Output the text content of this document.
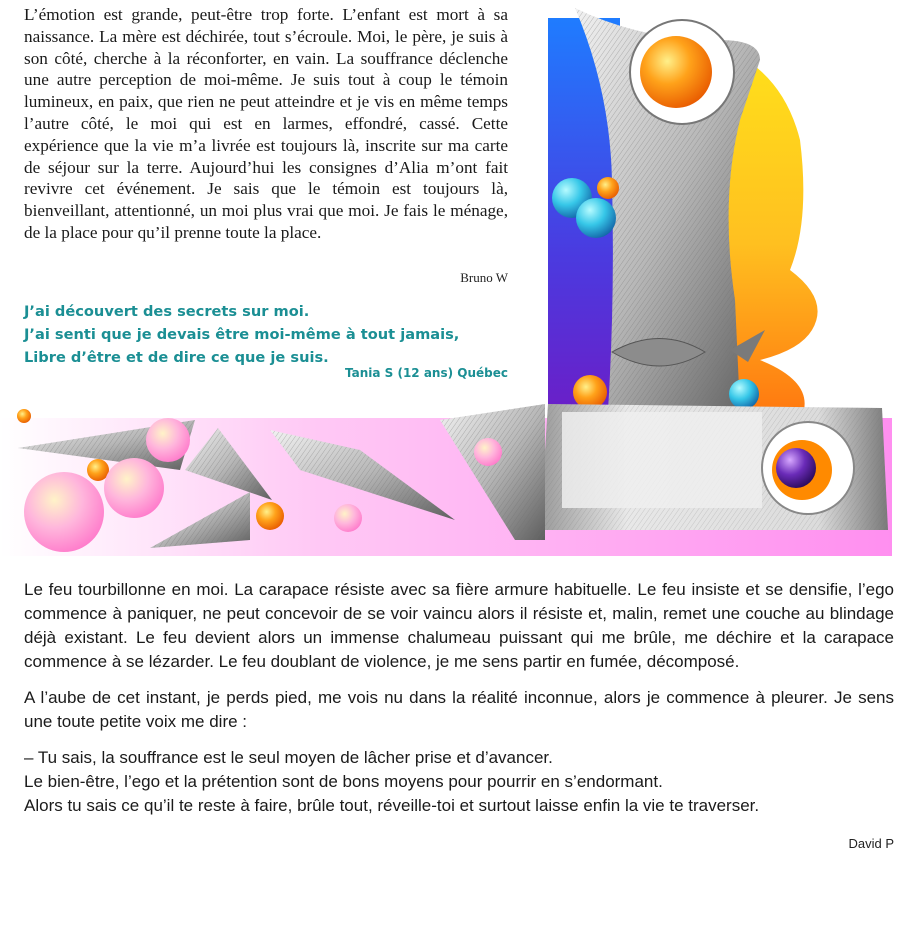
L’émotion est grande, peut-être trop forte. L’enfant est mort à sa naissance. La mère est déchirée, tout s’écroule. Moi, le père, je suis à son côté, cherche à la réconforter, en vain. La souffrance déclenche une autre perception de moi-même. Je suis tout à coup le témoin lumineux, en paix, que rien ne peut atteindre et je vis en même temps l’autre côté, le moi qui est en larmes, effondré, cassé. Cette expérience que la vie m’a livrée est toujours là, inscrite sur ma carte de séjour sur la terre. Aujourd’hui les consignes d’Alia m’ont fait revivre cet événement. Je sais que le témoin est toujours là, bienveillant, attentionné, un moi plus vrai que moi. Je fais le ménage, de la place pour qu’il prenne toute la place.

Bruno W
J’ai découvert des secrets sur moi.
J’ai senti que je devais être moi-même à tout jamais,
Libre d’être et de dire ce que je suis.
Tania S (12 ans) Québec

Le feu tourbillonne en moi. La carapace résiste avec sa fière armure habituelle. Le feu insiste et se densifie, l’ego commence à paniquer, ne peut concevoir de se voir vaincu alors il résiste et, malin, remet une couche au blindage déjà existant. Le feu devient alors un immense chalumeau puissant qui me brûle, me déchire et la carapace commence à se lézarder. Le feu doublant de violence, je me sens partir en fumée, décomposé.

A l’aube de cet instant, je perds pied, me vois nu dans la réalité inconnue, alors je commence à pleurer. Je sens une toute petite voix me dire :

– Tu sais, la souffrance est le seul moyen de lâcher prise et d’avancer.
Le bien-être, l’ego et la prétention sont de bons moyens pour pourrir en s’endormant.
Alors tu sais ce qu’il te reste à faire, brûle tout, réveille-toi et surtout laisse enfin la vie te traverser.
David P
